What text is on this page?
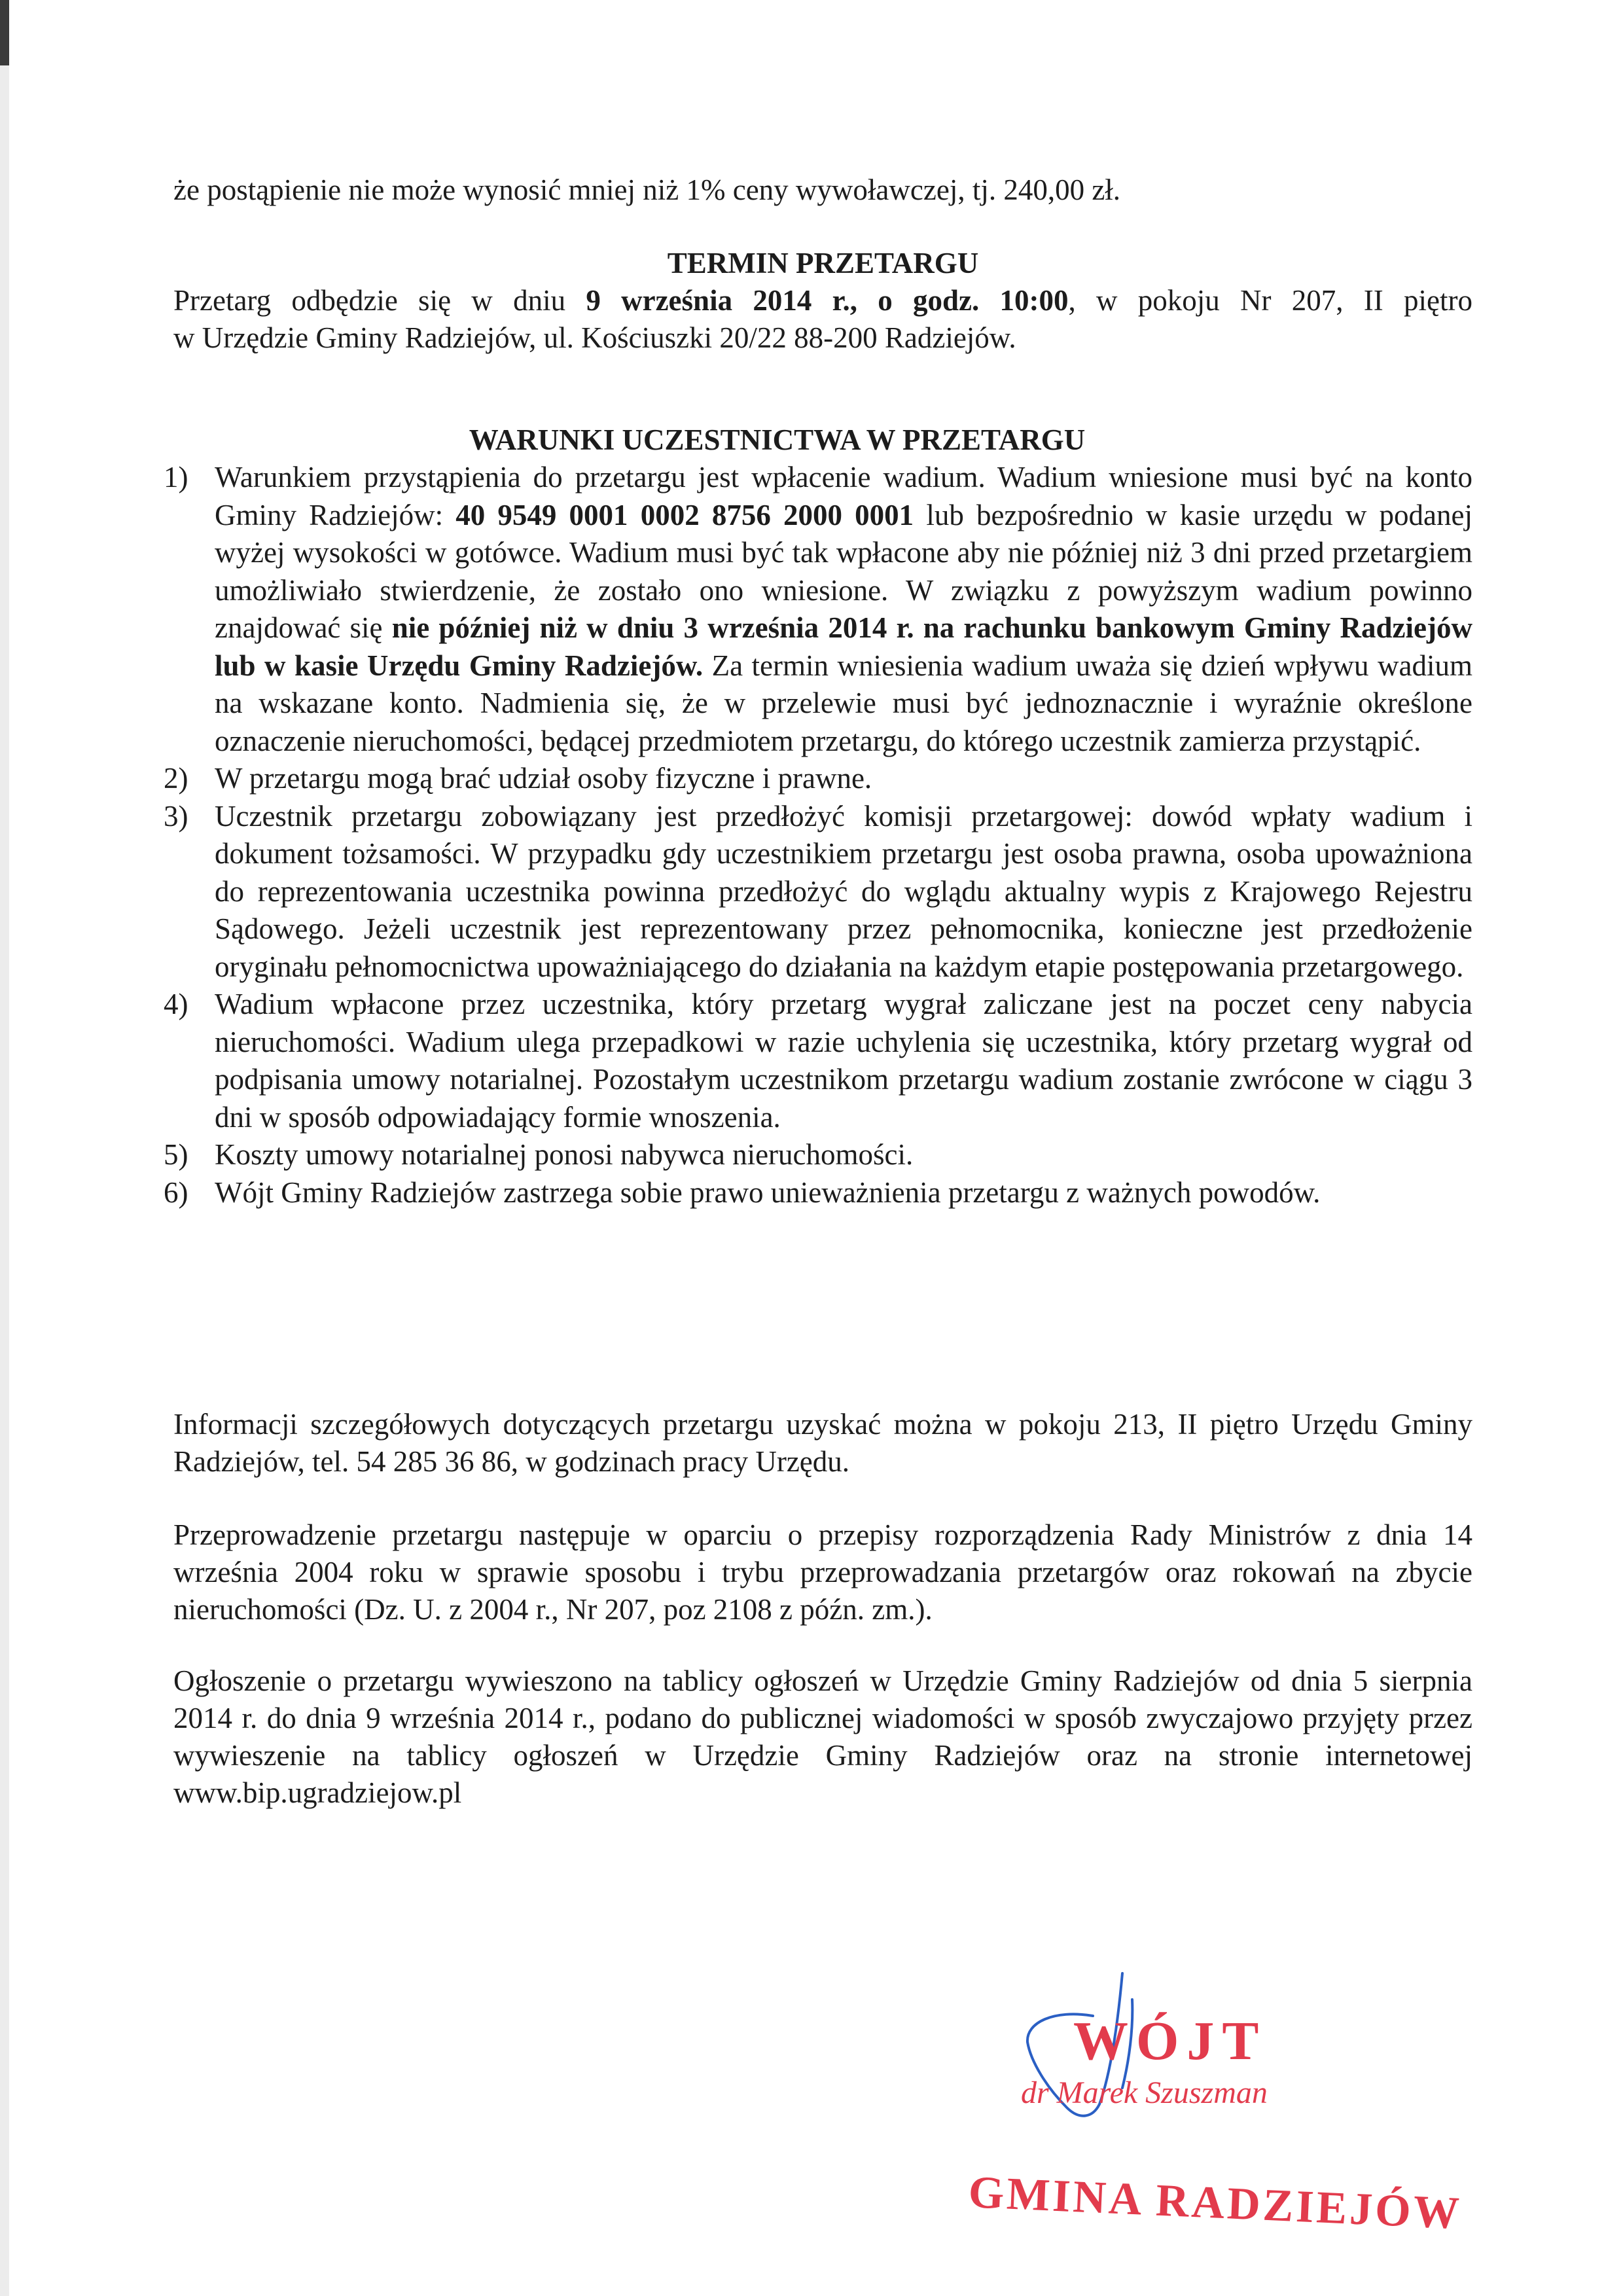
że postąpienie nie może wynosić mniej niż 1% ceny wywoławczej, tj. 240,00 zł.
TERMIN PRZETARGU
Przetarg odbędzie się w dniu 9 września 2014 r., o godz. 10:00, w pokoju Nr 207, II piętro
w Urzędzie Gminy Radziejów, ul. Kościuszki 20/22 88-200 Radziejów.
WARUNKI UCZESTNICTWA W PRZETARGU
1) Warunkiem przystąpienia do przetargu jest wpłacenie wadium. Wadium wniesione musi być na konto Gminy Radziejów: 40 9549 0001 0002 8756 2000 0001 lub bezpośrednio w kasie urzędu w podanej wyżej wysokości w gotówce. Wadium musi być tak wpłacone aby nie później niż 3 dni przed przetargiem umożliwiało stwierdzenie, że zostało ono wniesione. W związku z powyższym wadium powinno znajdować się nie później niż w dniu 3 września 2014 r. na rachunku bankowym Gminy Radziejów lub w kasie Urzędu Gminy Radziejów. Za termin wniesienia wadium uważa się dzień wpływu wadium na wskazane konto. Nadmienia się, że w przelewie musi być jednoznacznie i wyraźnie określone oznaczenie nieruchomości, będącej przedmiotem przetargu, do którego uczestnik zamierza przystąpić.
2) W przetargu mogą brać udział osoby fizyczne i prawne.
3) Uczestnik przetargu zobowiązany jest przedłożyć komisji przetargowej: dowód wpłaty wadium i dokument tożsamości. W przypadku gdy uczestnikiem przetargu jest osoba prawna, osoba upoważniona do reprezentowania uczestnika powinna przedłożyć do wglądu aktualny wypis z Krajowego Rejestru Sądowego. Jeżeli uczestnik jest reprezentowany przez pełnomocnika, konieczne jest przedłożenie oryginału pełnomocnictwa upoważniającego do działania na każdym etapie postępowania przetargowego.
4) Wadium wpłacone przez uczestnika, który przetarg wygrał zaliczane jest na poczet ceny nabycia nieruchomości. Wadium ulega przepadkowi w razie uchylenia się uczestnika, który przetarg wygrał od podpisania umowy notarialnej. Pozostałym uczestnikom przetargu wadium zostanie zwrócone w ciągu 3 dni w sposób odpowiadający formie wnoszenia.
5) Koszty umowy notarialnej ponosi nabywca nieruchomości.
6) Wójt Gminy Radziejów zastrzega sobie prawo unieważnienia przetargu z ważnych powodów.
Informacji szczegółowych dotyczących przetargu uzyskać można w pokoju 213, II piętro Urzędu Gminy Radziejów, tel. 54 285 36 86, w godzinach pracy Urzędu.
Przeprowadzenie przetargu następuje w oparciu o przepisy rozporządzenia Rady Ministrów z dnia 14 września 2004 roku w sprawie sposobu i trybu przeprowadzania przetargów oraz rokowań na zbycie nieruchomości (Dz. U. z 2004 r., Nr 207, poz 2108 z późn. zm.).
Ogłoszenie o przetargu wywieszono na tablicy ogłoszeń w Urzędzie Gminy Radziejów od dnia 5 sierpnia 2014 r. do dnia 9 września 2014 r., podano do publicznej wiadomości w sposób zwyczajowo przyjęty przez wywieszenie na tablicy ogłoszeń w Urzędzie Gminy Radziejów oraz na stronie internetowej www.bip.ugradziejow.pl
WÓJT
dr Marek Szuszman
GMINA RADZIEJÓW
